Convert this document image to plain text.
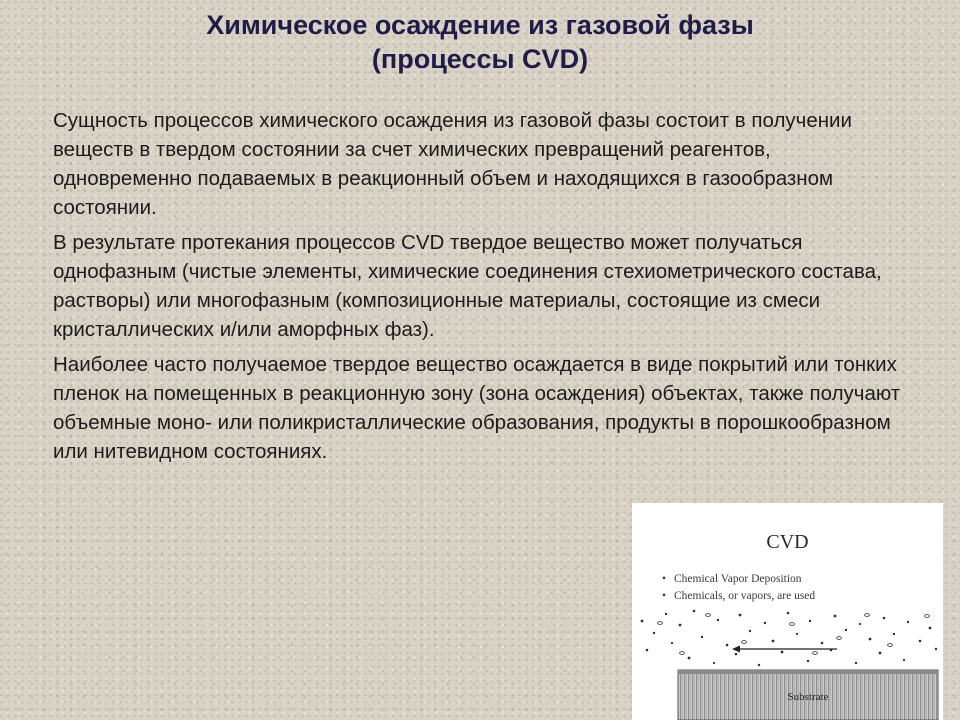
Химическое осаждение из газовой фазы
(процессы CVD)

Сущность процессов химического осаждения из газовой фазы состоит в получении веществ в твердом состоянии за счет химических превращений реагентов, одновременно подаваемых в реакционный объем и находящихся в газообразном состоянии.

В результате протекания процессов CVD твердое вещество может получаться однофазным (чистые элементы, химические соединения стехиометрического состава, растворы) или многофазным (композиционные материалы, состоящие из смеси кристаллических и/или аморфных фаз).

Наиболее часто получаемое твердое вещество осаждается в виде покрытий или тонких пленок на помещенных в реакционную зону (зона осаждения) объектах, также получают объемные моно- или поликристаллические образования, продукты в порошкообразном или нитевидном состояниях.

CVD
• Chemical Vapor Deposition
• Chemicals, or vapors, are used
Substrate
